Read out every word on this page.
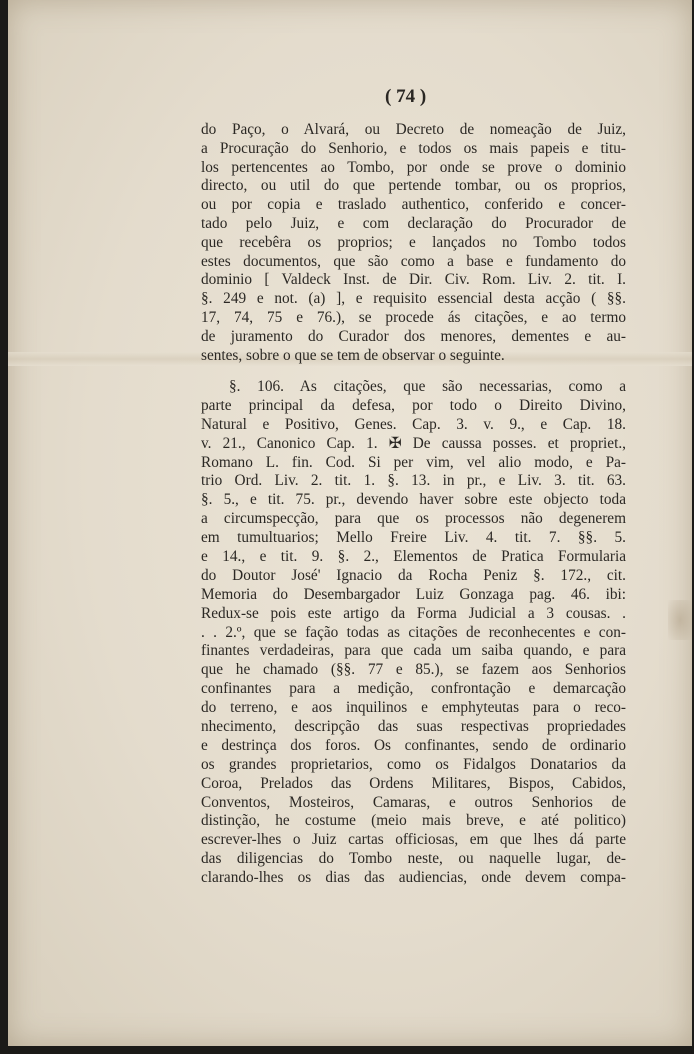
( 74 )
do Paço, o Alvará, ou Decreto de nomeação de Juiz,
a Procuração do Senhorio, e todos os mais papeis e titu-
los pertencentes ao Tombo, por onde se prove o dominio
directo, ou util do que pertende tombar, ou os proprios,
ou por copia e traslado authentico, conferido e concer-
tado pelo Juiz, e com declaração do Procurador de
que recebêra os proprios; e lançados no Tombo todos
estes documentos, que são como a base e fundamento do
dominio [ Valdeck Inst. de Dir. Civ. Rom. Liv. 2. tit. I.
§. 249 e not. (a) ], e requisito essencial desta acção ( §§.
17, 74, 75 e 76.), se procede ás citações, e ao termo
de juramento do Curador dos menores, dementes e au-
sentes, sobre o que se tem de observar o seguinte.
§. 106. As citações, que são necessarias, como a
parte principal da defesa, por todo o Direito Divino,
Natural e Positivo, Genes. Cap. 3. v. 9., e Cap. 18.
v. 21., Canonico Cap. 1. ✠ De caussa posses. et propriet.,
Romano L. fin. Cod. Si per vim, vel alio modo, e Pa-
trio Ord. Liv. 2. tit. 1. §. 13. in pr., e Liv. 3. tit. 63.
§. 5., e tit. 75. pr., devendo haver sobre este objecto toda
a circumspecção, para que os processos não degenerem
em tumultuarios; Mello Freire Liv. 4. tit. 7. §§. 5.
e 14., e tit. 9. §. 2., Elementos de Pratica Formularia
do Doutor José' Ignacio da Rocha Peniz §. 172., cit.
Memoria do Desembargador Luiz Gonzaga pag. 46. ibi:
Redux-se pois este artigo da Forma Judicial a 3 cousas. .
. . 2.º, que se fação todas as citações de reconhecentes e con-
finantes verdadeiras, para que cada um saiba quando, e para
que he chamado (§§. 77 e 85.), se fazem aos Senhorios
confinantes para a medição, confrontação e demarcação
do terreno, e aos inquilinos e emphyteutas para o reco-
nhecimento, descripção das suas respectivas propriedades
e destrinça dos foros. Os confinantes, sendo de ordinario
os grandes proprietarios, como os Fidalgos Donatarios da
Coroa, Prelados das Ordens Militares, Bispos, Cabidos,
Conventos, Mosteiros, Camaras, e outros Senhorios de
distinção, he costume (meio mais breve, e até politico)
escrever-lhes o Juiz cartas officiosas, em que lhes dá parte
das diligencias do Tombo neste, ou naquelle lugar, de-
clarando-lhes os dias das audiencias, onde devem compa-
